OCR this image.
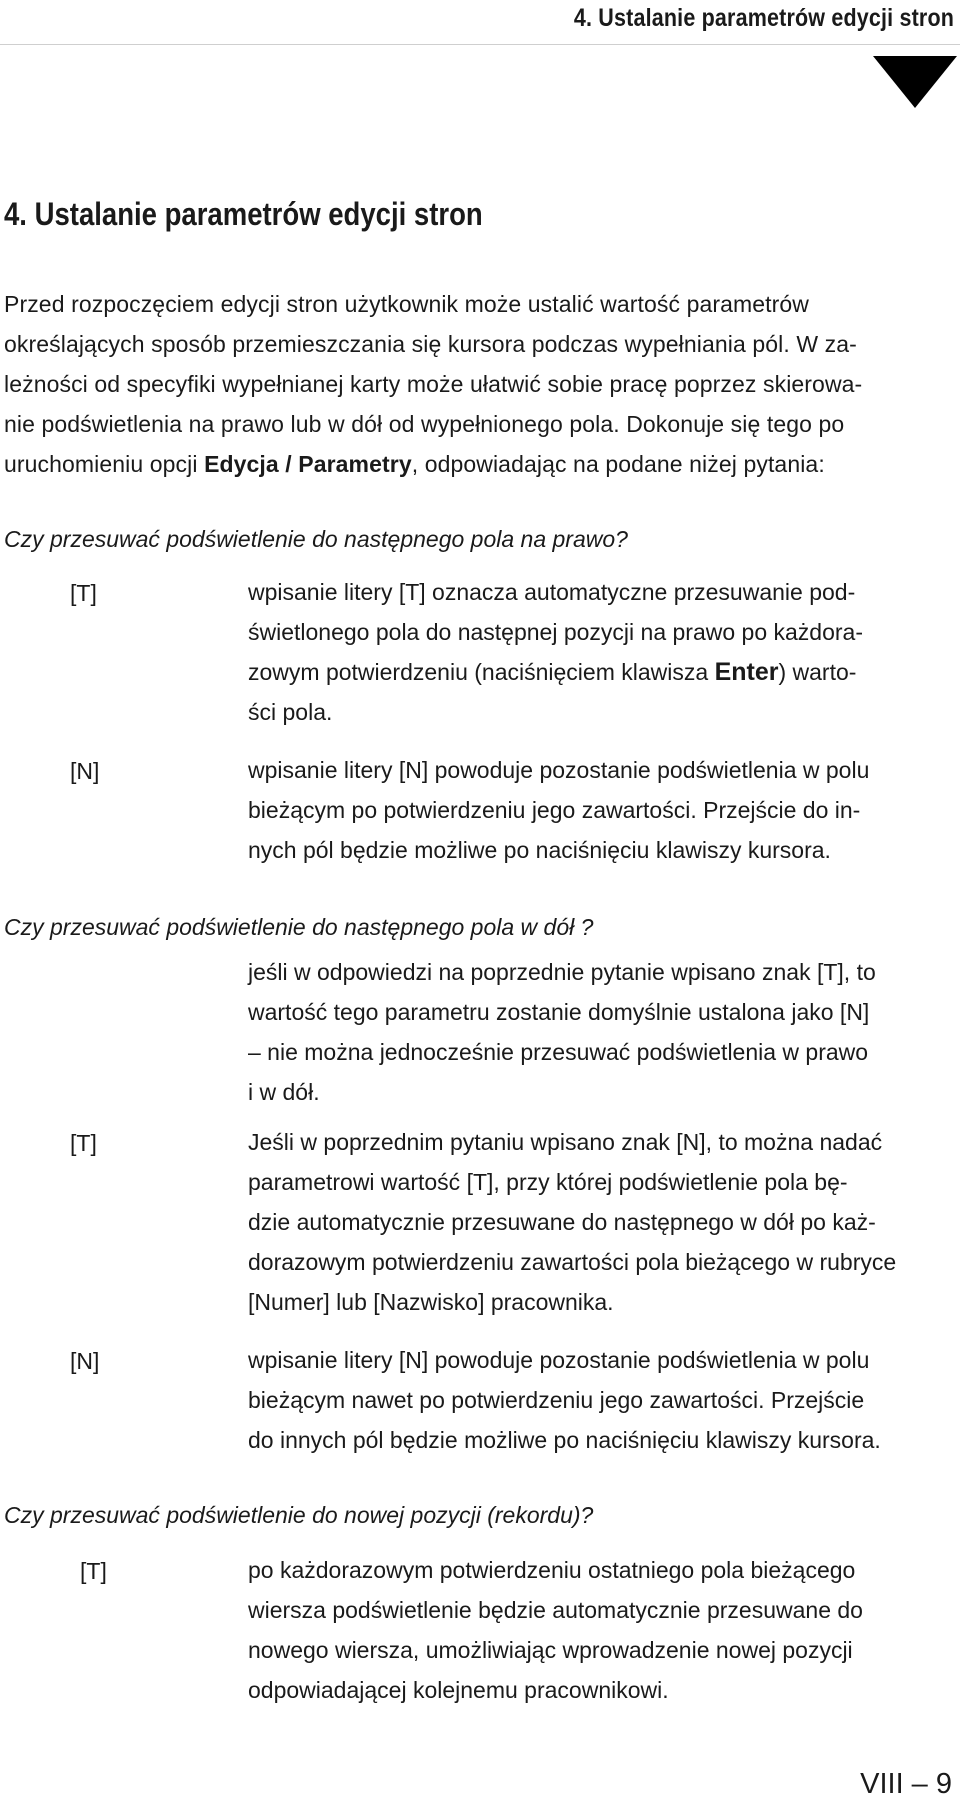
4. Ustalanie parametrów edycji stron
4. Ustalanie parametrów edycji stron
Przed rozpoczęciem edycji stron użytkownik może ustalić wartość parametrów
określających sposób przemieszczania się kursora podczas wypełniania pól. W za-
leżności od specyfiki wypełnianej karty może ułatwić sobie pracę poprzez skierowa-
nie podświetlenia na prawo lub w dół od wypełnionego pola. Dokonuje się tego po
uruchomieniu opcji Edycja / Parametry, odpowiadając na podane niżej pytania:
Czy przesuwać podświetlenie do następnego pola na prawo?
[T]	wpisanie litery [T] oznacza automatyczne przesuwanie pod-
świetlonego pola do następnej pozycji na prawo po każdora-
zowym potwierdzeniu (naciśnięciem klawisza Enter) warto-
ści pola.
[N]	wpisanie litery [N] powoduje pozostanie podświetlenia w polu
bieżącym po potwierdzeniu jego zawartości. Przejście do in-
nych pól będzie możliwe po naciśnięciu klawiszy kursora.
Czy przesuwać podświetlenie do następnego pola w dół ?
jeśli w odpowiedzi na poprzednie pytanie wpisano znak [T], to
wartość tego parametru zostanie domyślnie ustalona jako [N]
– nie można jednocześnie przesuwać podświetlenia w prawo
i w dół.
[T]	Jeśli w poprzednim pytaniu wpisano znak [N], to można nadać
parametrowi wartość [T], przy której podświetlenie pola bę-
dzie automatycznie przesuwane do następnego w dół po każ-
dorazowym potwierdzeniu zawartości pola bieżącego w rubryce
[Numer] lub [Nazwisko] pracownika.
[N]	wpisanie litery [N] powoduje pozostanie podświetlenia w polu
bieżącym nawet po potwierdzeniu jego zawartości. Przejście
do innych pól będzie możliwe po naciśnięciu klawiszy kursora.
Czy przesuwać podświetlenie do nowej pozycji (rekordu)?
[T]	po każdorazowym potwierdzeniu ostatniego pola bieżącego
wiersza podświetlenie będzie automatycznie przesuwane do
nowego wiersza, umożliwiając wprowadzenie nowej pozycji
odpowiadającej kolejnemu pracownikowi.
VIII – 9
